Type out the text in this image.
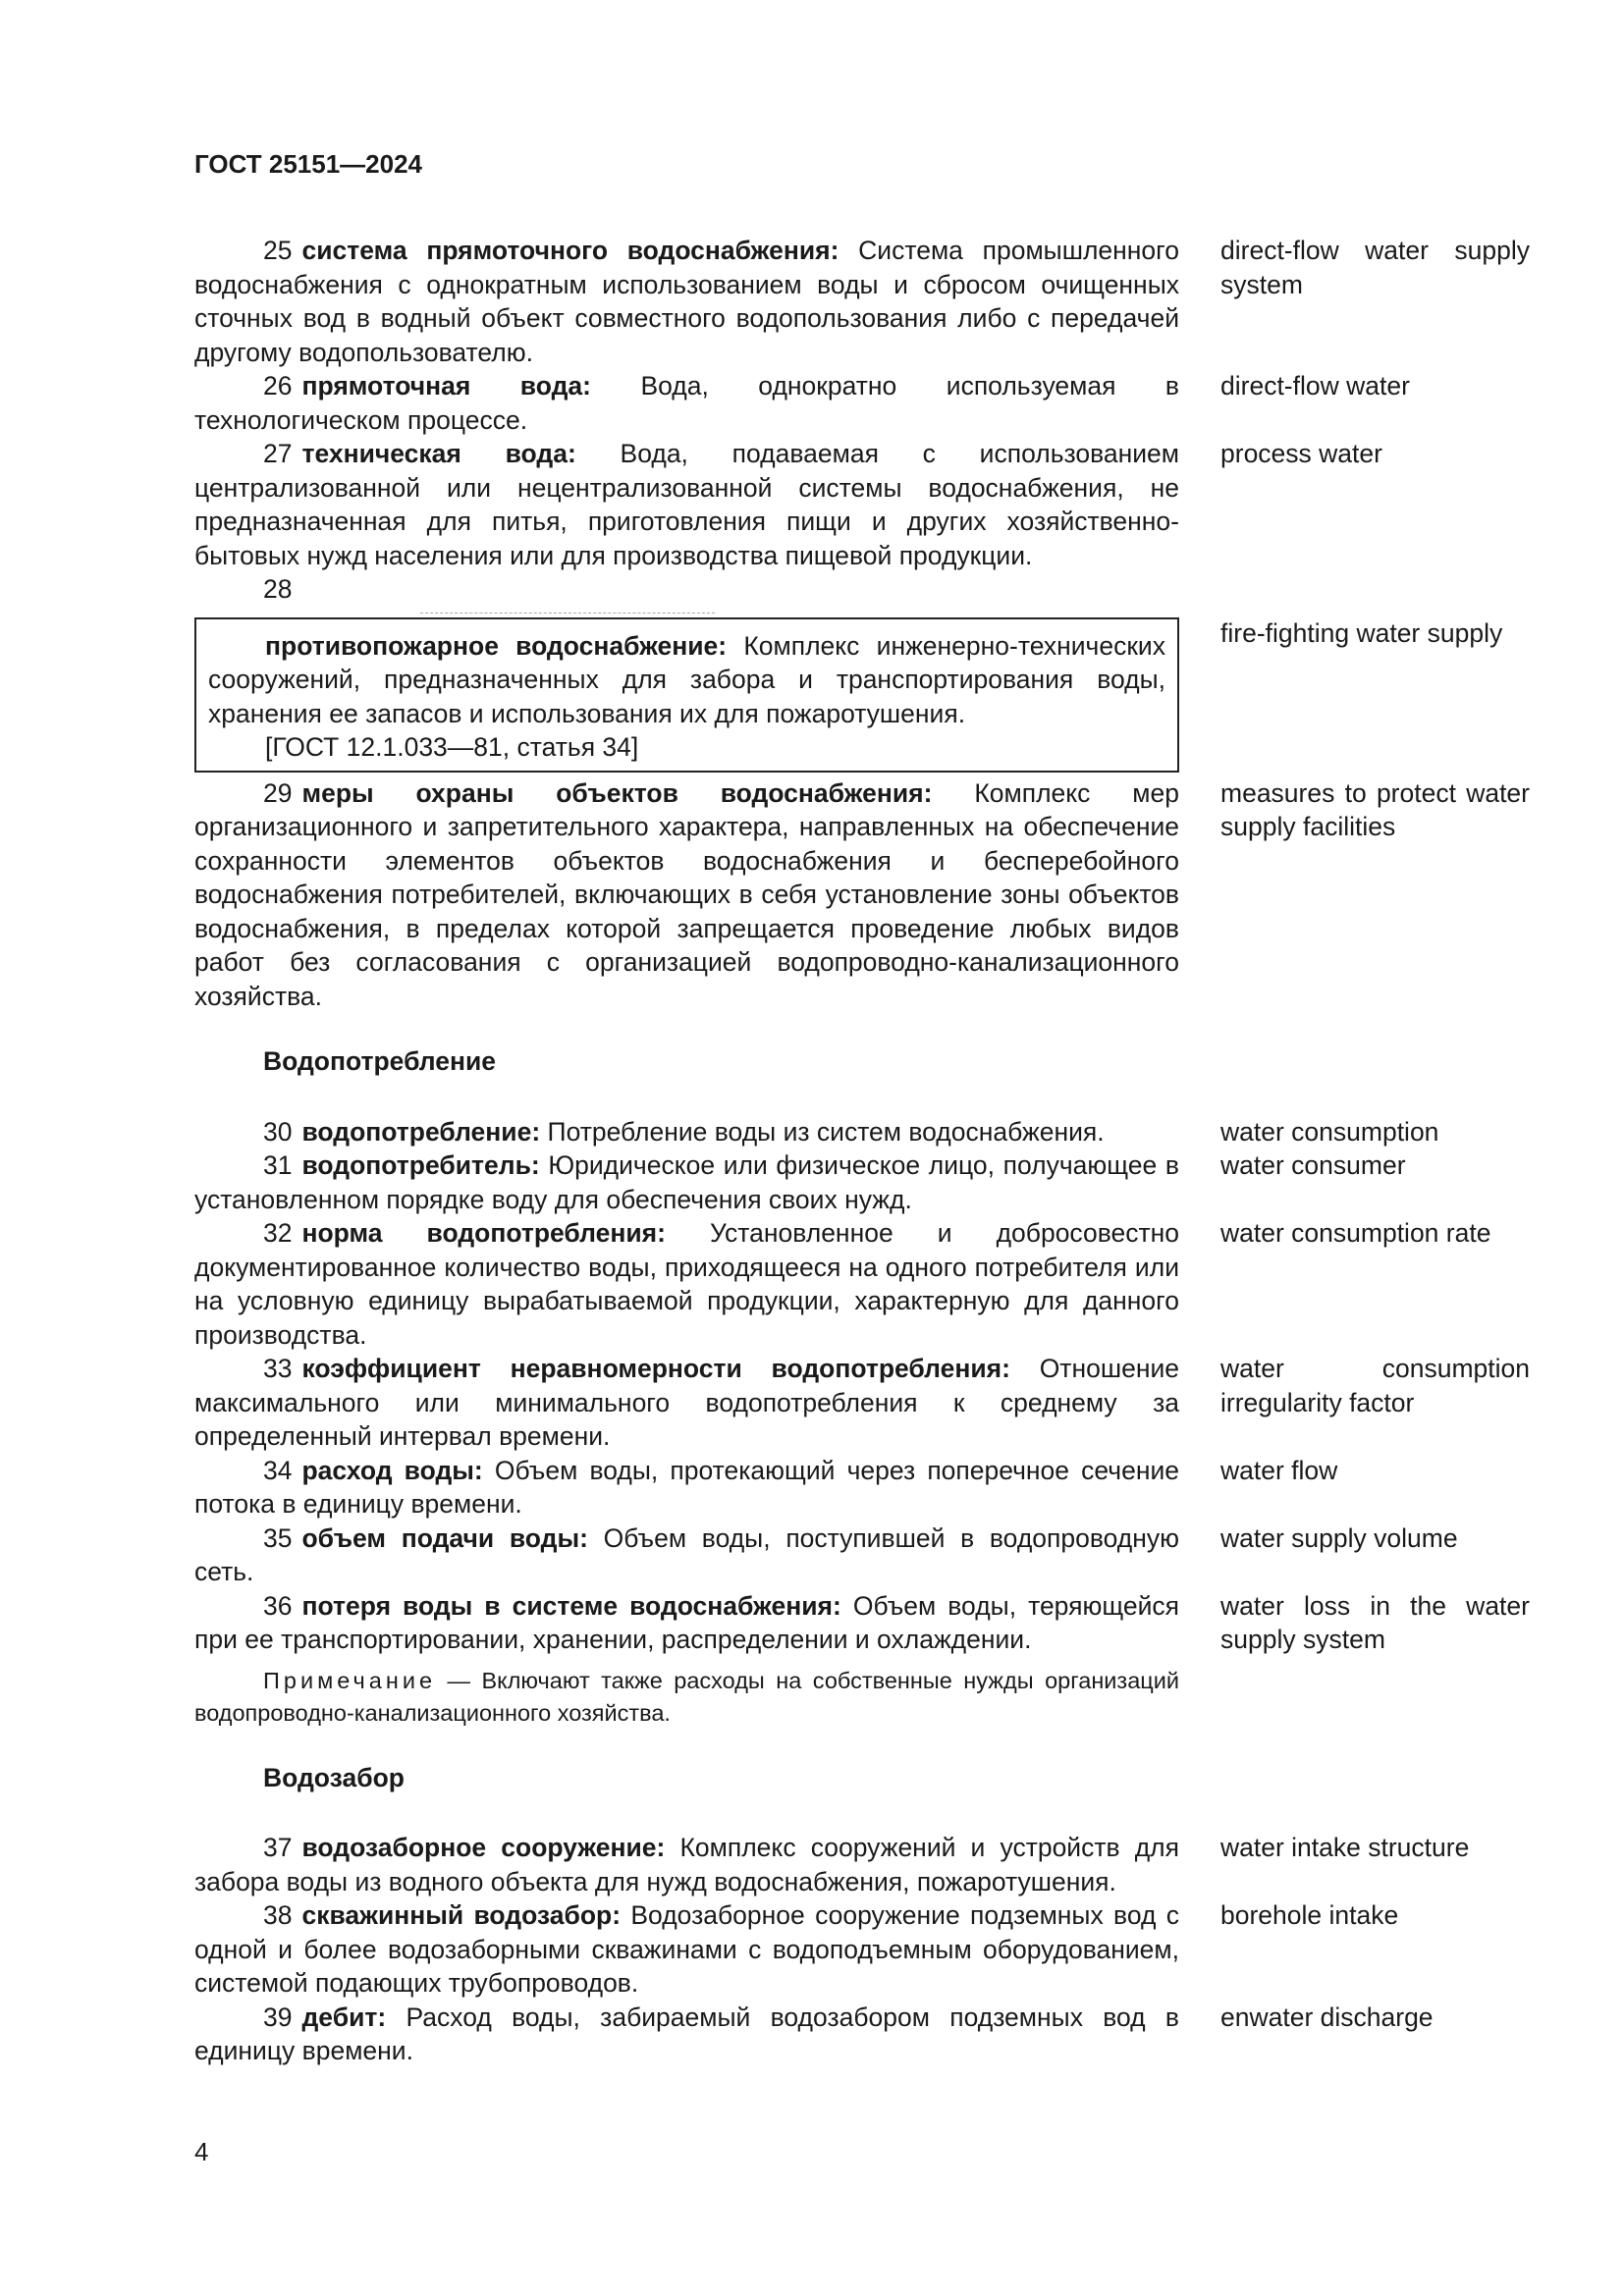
ГОСТ 25151—2024
25 система прямоточного водоснабжения: Система промышленного водоснабжения с однократным использованием воды и сбросом очищенных сточных вод в водный объект совместного водопользования либо с передачей другому водопользователю.
direct-flow water supply system
26 прямоточная вода: Вода, однократно используемая в технологическом процессе.
direct-flow water
27 техническая вода: Вода, подаваемая с использованием централизованной или нецентрализованной системы водоснабжения, не предназначенная для питья, приготовления пищи и других хозяйственно-бытовых нужд населения или для производства пищевой продукции.
process water
28
противопожарное водоснабжение: Комплекс инженерно-технических сооружений, предназначенных для забора и транспортирования воды, хранения ее запасов и использования их для пожаротушения.
[ГОСТ 12.1.033—81, статья 34]
fire-fighting water supply
29 меры охраны объектов водоснабжения: Комплекс мер организационного и запретительного характера, направленных на обеспечение сохранности элементов объектов водоснабжения и бесперебойного водоснабжения потребителей, включающих в себя установление зоны объектов водоснабжения, в пределах которой запрещается проведение любых видов работ без согласования с организацией водопроводно-канализационного хозяйства.
measures to protect water supply facilities
Водопотребление
30 водопотребление: Потребление воды из систем водоснабжения.	water consumption
31 водопотребитель: Юридическое или физическое лицо, получающее в установленном порядке воду для обеспечения своих нужд.
water consumer
32 норма водопотребления: Установленное и добросовестно документированное количество воды, приходящееся на одного потребителя или на условную единицу вырабатываемой продукции, характерную для данного производства.
water consumption rate
33 коэффициент неравномерности водопотребления: Отношение максимального или минимального водопотребления к среднему за определенный интервал времени.
water consumption irregularity factor
34 расход воды: Объем воды, протекающий через поперечное сечение потока в единицу времени.
water flow
35 объем подачи воды: Объем воды, поступившей в водопроводную сеть.
water supply volume
36 потеря воды в системе водоснабжения: Объем воды, теряющейся при ее транспортировании, хранении, распределении и охлаждении.
water loss in the water supply system
Примечание — Включают также расходы на собственные нужды организаций водопроводно-канализационного хозяйства.
Водозабор
37 водозаборное сооружение: Комплекс сооружений и устройств для забора воды из водного объекта для нужд водоснабжения, пожаротушения.
water intake structure
38 скважинный водозабор: Водозаборное сооружение подземных вод с одной и более водозаборными скважинами с водоподъемным оборудованием, системой подающих трубопроводов.
borehole intake
39 дебит: Расход воды, забираемый водозабором подземных вод в единицу времени.
enwater discharge
4
